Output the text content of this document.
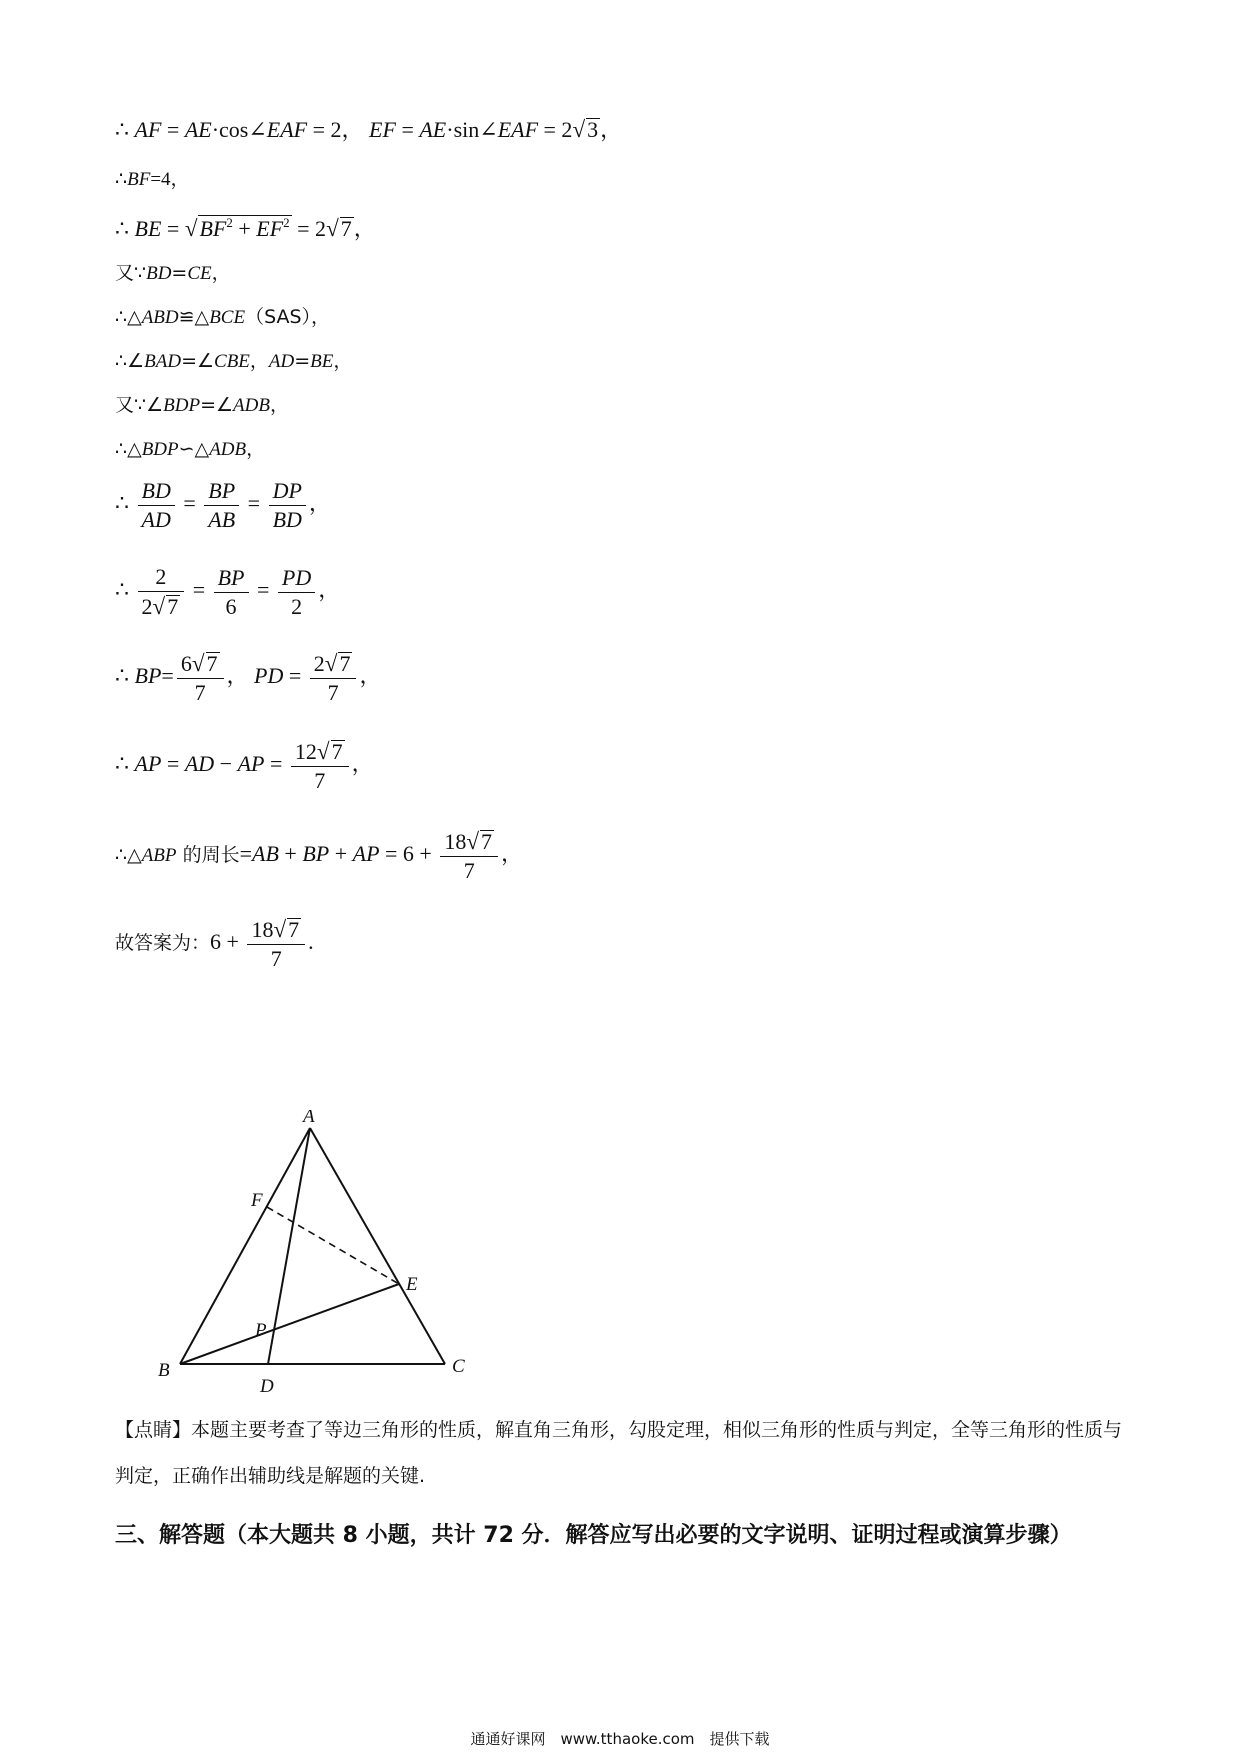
∴ AF = AE·cos∠EAF = 2， EF = AE·sin∠EAF = 2√3，
∴BF=4，
∴ BE = $√BF^2 + EF^2 = 2√7$，
又∵BD=CE，
∴△ABD≌△BCE（SAS），
∴∠BAD=∠CBE，AD=BE，
又∵∠BDP=∠ADB，
∴△BDP∽△ADB，
∴ $\frac{BD}{AD} = \frac{BP}{AB} = \frac{DP}{BD}$ ，
∴ $\frac{2}{2√7} = \frac{BP}{6} = \frac{PD}{2}$ ，
∴ $BP= \frac{6√7}{7}$ ， PD = $\frac{2√7}{7}$ ，
∴ AP = AD − AP = $\frac{12√7}{7}$ ，
∴△ABP 的周长=AB + BP + AP = $6 + \frac{18√7}{7}$ ，
故答案为：$6 + \frac{18√7}{7}$ .
A
B	C
D
E
F
P
【点睛】本题主要考查了等边三角形的性质，解直角三角形，勾股定理，相似三角形的性质与判定，全等三角形的性质与判定，正确作出辅助线是解题的关键.
三、解答题（本大题共 8 小题，共计 72 分．解答应写出必要的文字说明、证明过程或演算步骤）
通通好课网　www.tthaoke.com　提供下载
